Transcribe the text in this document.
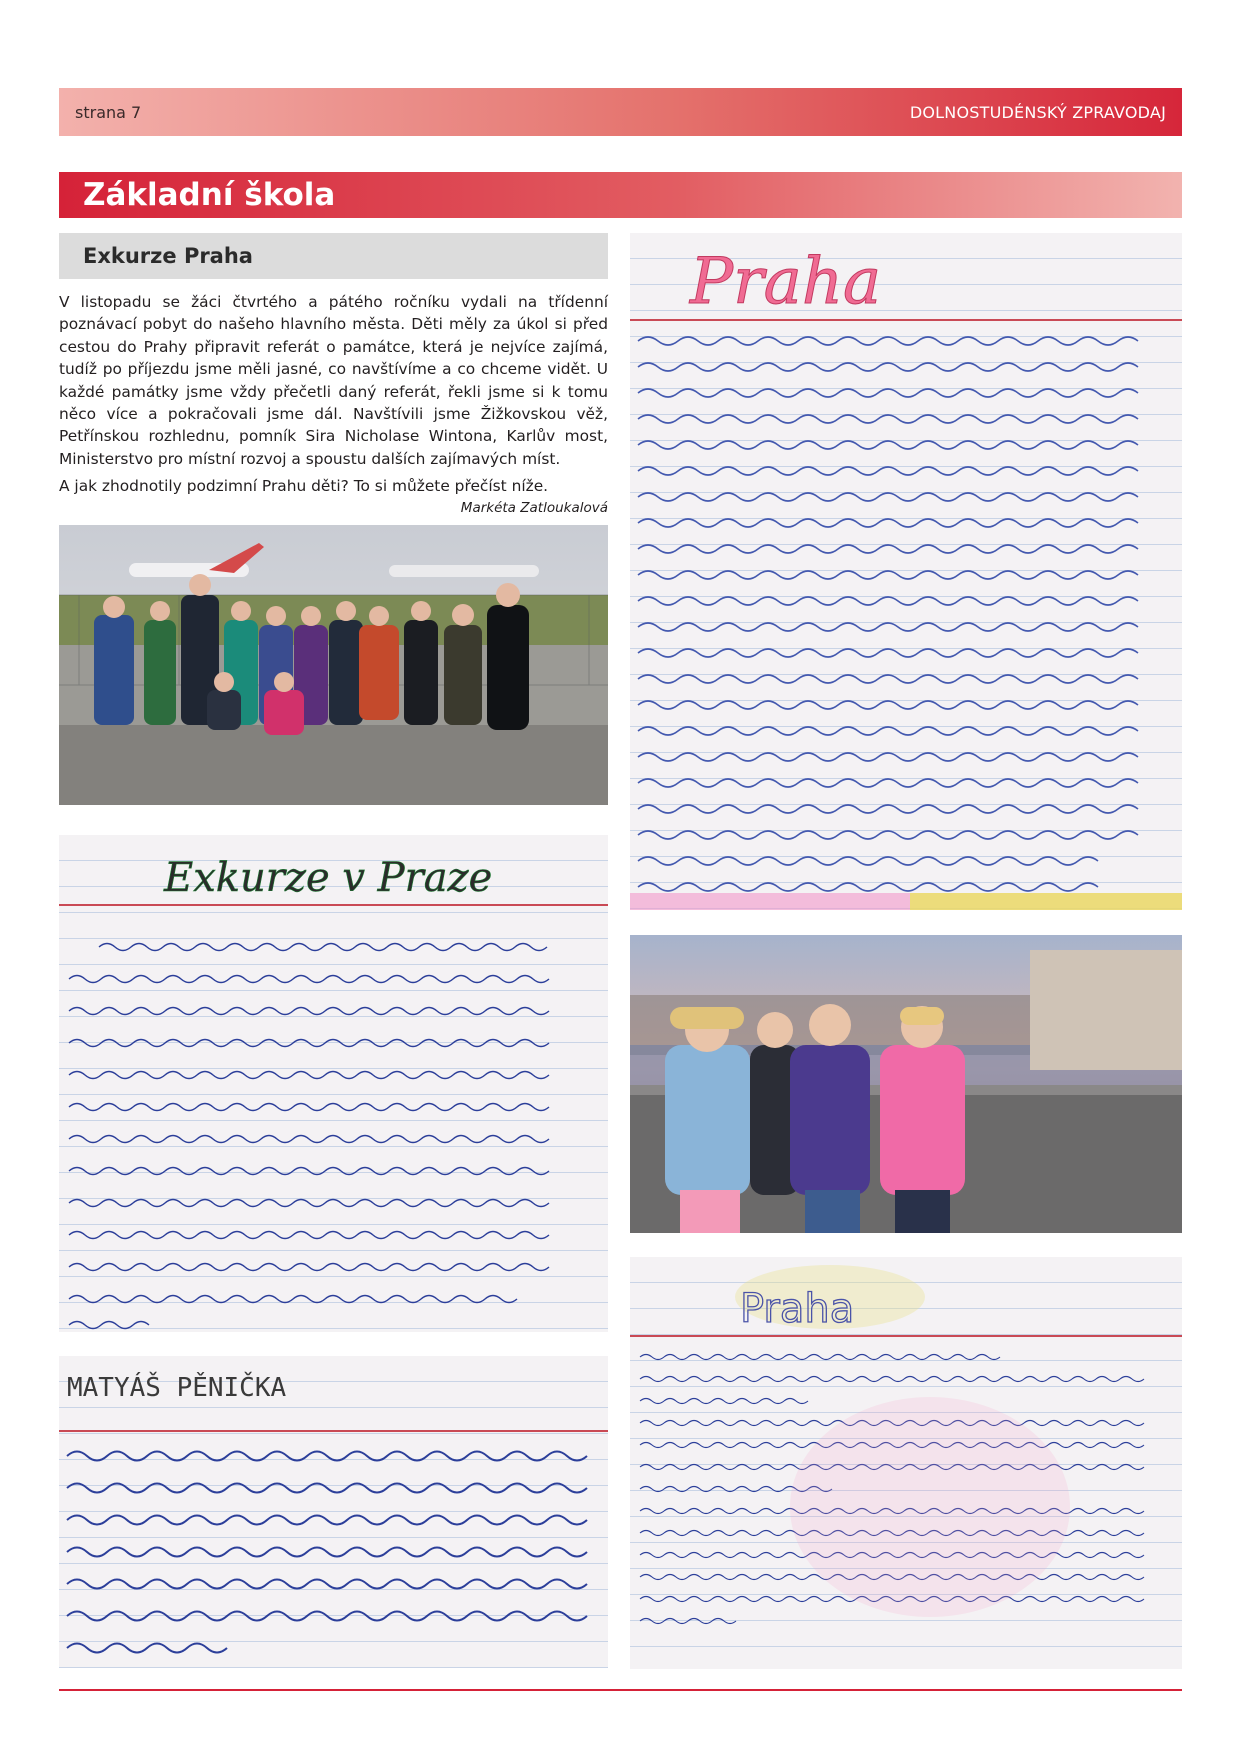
strana 7	DOLNOSTUDÉNSKÝ ZPRAVODAJ
Základní škola
Exkurze Praha

V listopadu se žáci čtvrtého a pátého ročníku vydali na třídenní poznávací pobyt do našeho hlavního města. Děti měly za úkol si před cestou do Prahy připravit referát o památce, která je nejvíce zajímá, tudíž po příjezdu jsme měli jasné, co navštívíme a co chceme vidět. U každé památky jsme vždy přečetli daný referát, řekli jsme si k tomu něco více a pokračovali jsme dál. Navštívili jsme Žižkovskou věž, Petřínskou rozhlednu, pomník Sira Nicholase Wintona, Karlův most, Ministerstvo pro místní rozvoj a spoustu dalších zajímavých míst.

A jak zhodnotily podzimní Prahu děti? To si můžete přečíst níže.

Markéta Zatloukalová
Praha
Exkurze v Praze
MATYÁŠ PĚNIČKA
Praha
